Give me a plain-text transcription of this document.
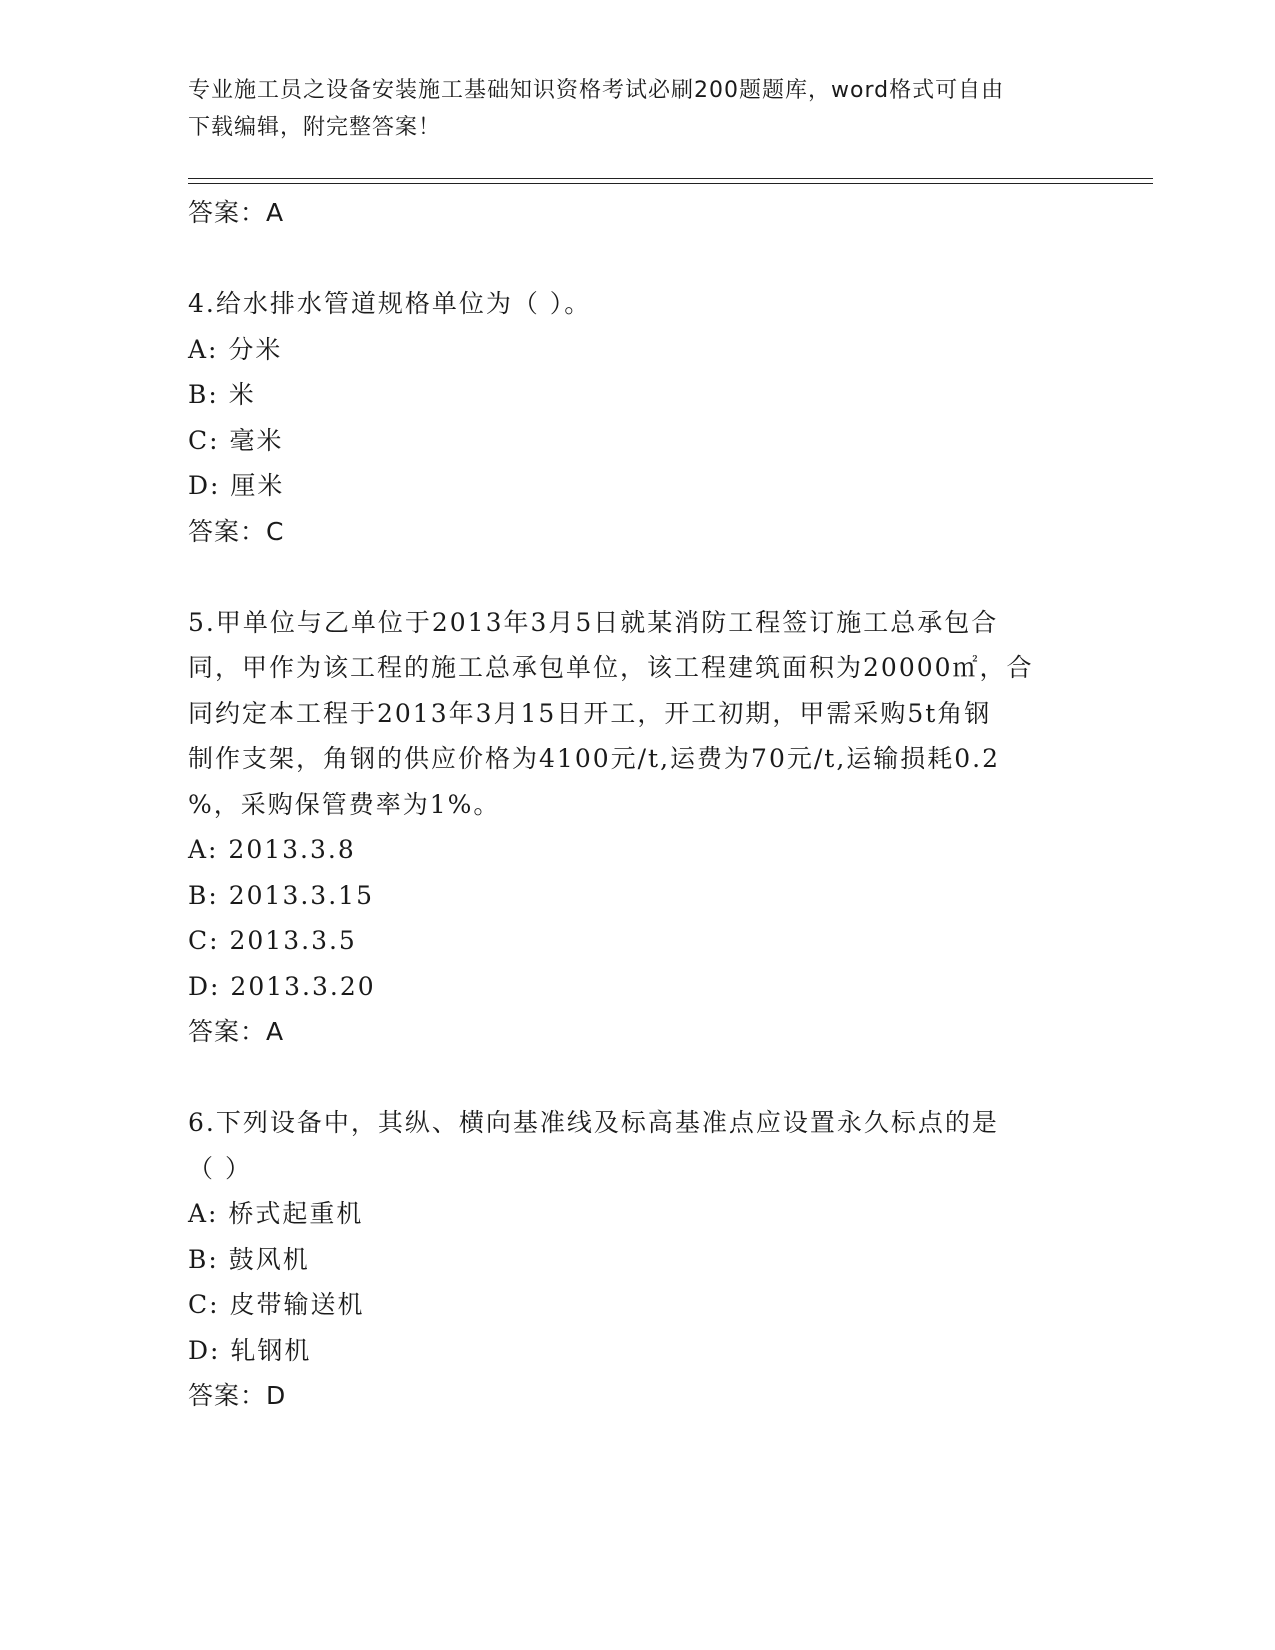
专业施工员之设备安装施工基础知识资格考试必刷200题题库，word格式可自由
下载编辑，附完整答案！
答案：A
4.给水排水管道规格单位为（ ）。
A: 分米
B: 米
C: 毫米
D: 厘米
答案：C
5.甲单位与乙单位于2013年3月5日就某消防工程签订施工总承包合
同，甲作为该工程的施工总承包单位，该工程建筑面积为20000㎡，合
同约定本工程于2013年3月15日开工，开工初期，甲需采购5t角钢
制作支架，角钢的供应价格为4100元/t,运费为70元/t,运输损耗0.2
%，采购保管费率为1%。
A: 2013.3.8
B: 2013.3.15
C: 2013.3.5
D: 2013.3.20
答案：A
6.下列设备中，其纵、横向基准线及标高基准点应设置永久标点的是
（ ）
A: 桥式起重机
B: 鼓风机
C: 皮带输送机
D: 轧钢机
答案：D
